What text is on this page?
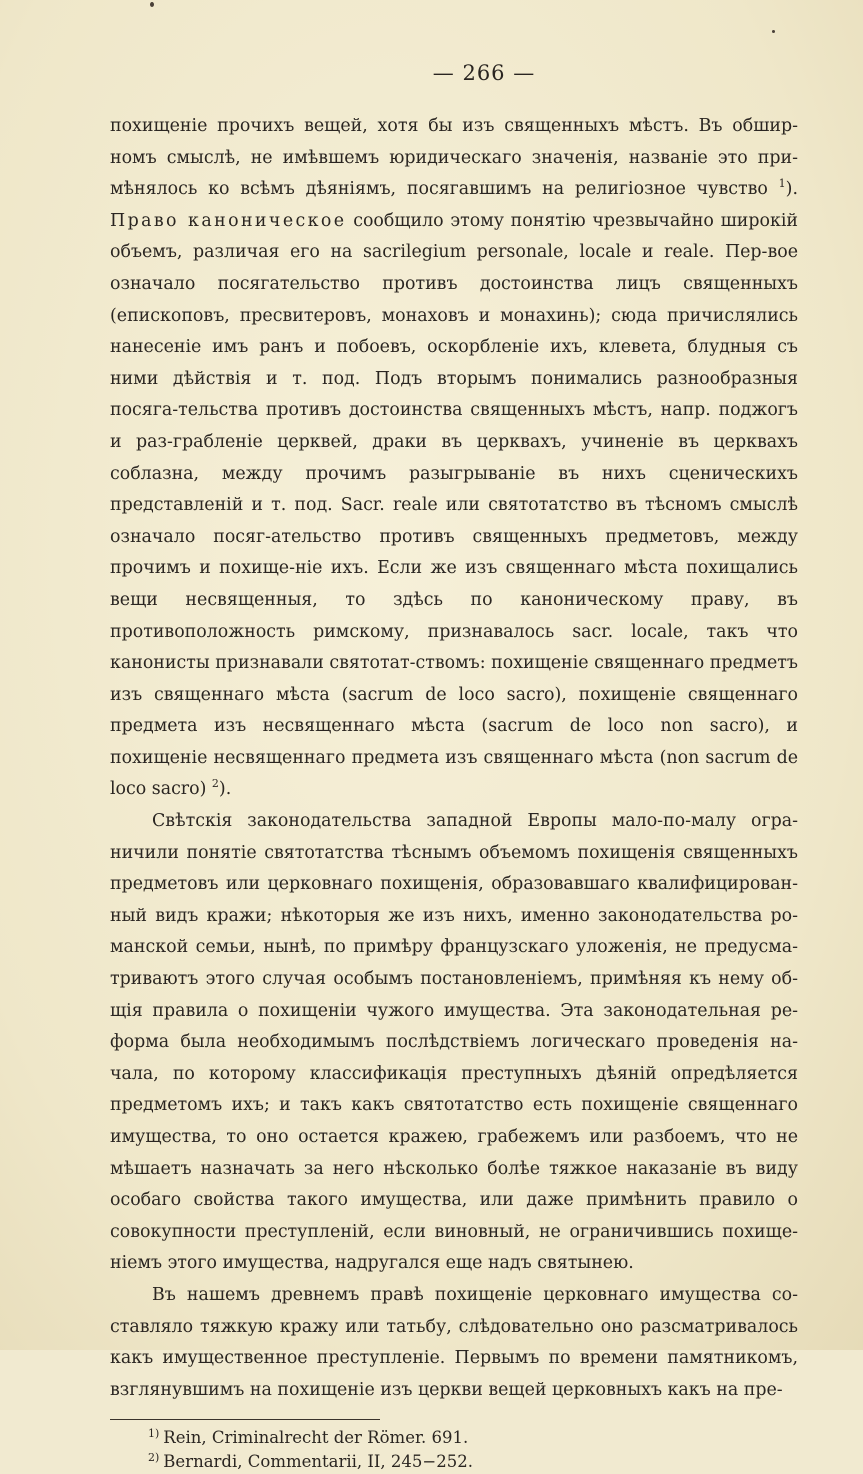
— 266 —

похищеніе прочихъ вещей, хотя бы изъ священныхъ мѣстъ. Въ обшир-номъ смыслѣ, не имѣвшемъ юридическаго значенія, названіе это при-мѣнялось ко всѣмъ дѣяніямъ, посягавшимъ на религіозное чувство $^1$). Право каноническое сообщило этому понятію чрезвычайно широкій объемъ, различая его на sacrilegium personale, locale и reale. Пер-вое означало посягательство противъ достоинства лицъ священныхъ (епископовъ, пресвитеровъ, монаховъ и монахинь); сюда причислялись нанесеніе имъ ранъ и побоевъ, оскорбленіе ихъ, клевета, блудныя съ ними дѣйствія и т. под. Подъ вторымъ понимались разнообразныя посяга-тельства противъ достоинства священныхъ мѣстъ, напр. поджогъ и раз-грабленіе церквей, драки въ церквахъ, учиненіе въ церквахъ соблазна, между прочимъ разыгрываніе въ нихъ сценическихъ представленій и т. под. Sacr. reale или святотатство въ тѣсномъ смыслѣ означало посяг-ательство противъ священныхъ предметовъ, между прочимъ и похище-ніе ихъ. Если же изъ священнаго мѣста похищались вещи несвященныя, то здѣсь по каноническому праву, въ противоположность римскому, признавалось sacr. locale, такъ что канонисты признавали святотат-ствомъ: похищеніе священнаго предметъ изъ священнаго мѣста (sacrum de loco sacro), похищеніе священнаго предмета изъ несвященнаго мѣста (sacrum de loco non sacro), и похищеніе несвященнаго предмета изъ священнаго мѣста (non sacrum de loco sacro) $^2$).

Свѣтскія законодательства западной Европы мало-по-малу огра-ничили понятіе святотатства тѣснымъ объемомъ похищенія священныхъ предметовъ или церковнаго похищенія, образовавшаго квалифицирован-ный видъ кражи; нѣкоторыя же изъ нихъ, именно законодательства ро-манской семьи, нынѣ, по примѣру французскаго уложенія, не предусма-триваютъ этого случая особымъ постановленіемъ, примѣняя къ нему об-щія правила о похищеніи чужого имущества. Эта законодательная ре-форма была необходимымъ послѣдствіемъ логическаго проведенія на-чала, по которому классификація преступныхъ дѣяній опредѣляется предметомъ ихъ; и такъ какъ святотатство есть похищеніе священнаго имущества, то оно остается кражею, грабежемъ или разбоемъ, что не мѣшаетъ назначать за него нѣсколько болѣе тяжкое наказаніе въ виду особаго свойства такого имущества, или даже примѣнить правило о совокупности преступленій, если виновный, не ограничившись похище-ніемъ этого имущества, надругался еще надъ святынею.

Въ нашемъ древнемъ правѣ похищеніе церковнаго имущества со-ставляло тяжкую кражу или татьбу, слѣдовательно оно разсматривалось какъ имущественное преступленіе. Первымъ по времени памятникомъ, взглянувшимъ на похищеніе изъ церкви вещей церковныхъ какъ на пре-

$^{1)}$ Rein, Criminalrecht der Römer. 691.

$^{2)}$ Bernardi, Commentarii, II, 245−252.
